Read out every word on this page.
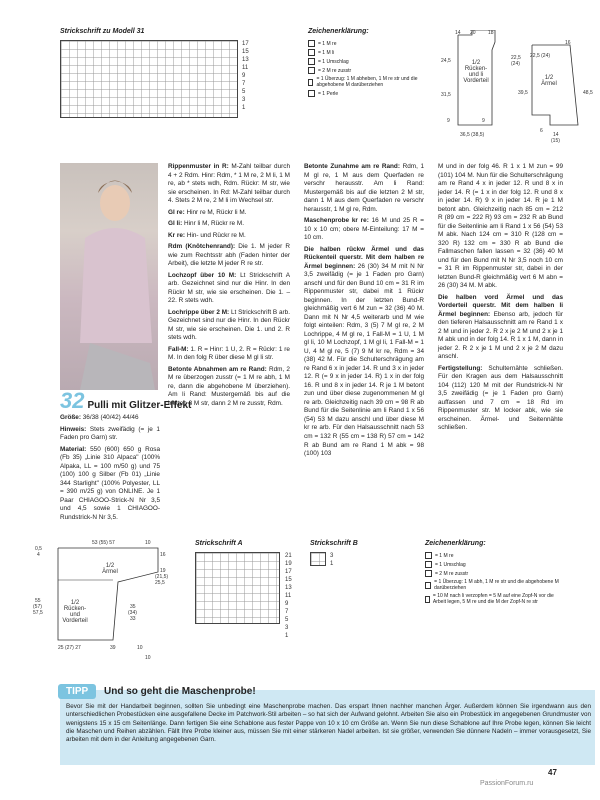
Strickschrift zu Modell 31
17
15
13
11
9
7
5
3
1
Zeichenerklärung:
= 1 M re
= 1 M li
= 1 Umschlag
= 2 M re zusstr
= 1 Überzug: 1 M abheben, 1 M re str und die abgehobene M darüberziehen
= 1 Perle
1/2 Rücken- und li Vorderteil	1/2 Ärmel
14 20 18
24,5	22,5
(24)
22,5 (24)
16
31,5	39,5	48,5
9	9
36,5 (38,5)
6
14
(15)
32 Pulli mit Glitzer-Effekt

Größe: 36/38 (40/42) 44/46

Hinweis: Stets zweifädig (= je 1 Faden pro Garn) str.

Material: 550 (600) 650 g Rosa (Fb 35) „Linie 310 Alpaca" (100% Alpaka, LL = 100 m/50 g) und 75 (100) 100 g Silber (Fb 01) „Linie 344 Starlight" (100% Polyester, LL = 390 m/25 g) von ONLINE. Je 1 Paar CHIAGOO-Strick-N Nr 3,5 und 4,5 sowie 1 CHIAGOO-Rundstrick-N Nr 3,5.

Rippenmuster in R: M-Zahl teilbar durch 4 + 2 Rdm. Hinr: Rdm, * 1 M re, 2 M li, 1 M re, ab * stets wdh, Rdm. Rückr: M str, wie sie erscheinen. In Rd: M-Zahl teilbar durch 4. Stets 2 M re, 2 M li im Wechsel str.

Gl re: Hinr re M, Rückr li M.

Gl li: Hinr li M, Rückr re M.

Kr re: Hin- und Rückr re M.

Rdm (Knötchenrand): Die 1. M jeder R wie zum Rechtsstr abh (Faden hinter der Arbeit), die letzte M jeder R re str.

Lochzopf über 10 M: Lt Strickschrift A arb. Gezeichnet sind nur die Hinr. In den Rückr M str, wie sie erscheinen. Die 1. – 22. R stets wdh.

Lochrippe über 2 M: Lt Strickschrift B arb. Gezeichnet sind nur die Hinr. In den Rückr M str, wie sie erscheinen. Die 1. und 2. R stets wdh.

Fall-M: 1. R = Hinr: 1 U, 2. R = Rückr: 1 re M. In den folg R über diese M gl li str.

Betonte Abnahmen am re Rand: Rdm, 2 M re überzogen zusstr (= 1 M re abh, 1 M re, dann die abgehobene M überziehen). Am li Rand: Mustergemäß bis auf die letzten 3 M str, dann 2 M re zusstr, Rdm.

Betonte Zunahme am re Rand: Rdm, 1 M gl re, 1 M aus dem Querfaden re verschr herausstr. Am li Rand: Mustergemäß bis auf die letzten 2 M str, dann 1 M aus dem Querfaden re verschr herausstr, 1 M gl re, Rdm.

Maschenprobe kr re: 16 M und 25 R = 10 x 10 cm; obere M-Einteilung: 17 M = 10 cm.

Die halben rückw Ärmel und das Rückenteil querstr. Mit dem halben re Ärmel beginnen: 26 (30) 34 M mit N Nr 3,5 zweifädig (= je 1 Faden pro Garn) anschl und für den Bund 10 cm = 31 R im Rippenmuster str, dabei mit 1 Rückr beginnen. In der letzten Bund-R gleichmäßig vert 6 M zun = 32 (36) 40 M. Dann mit N Nr 4,5 weiterarb und M wie folgt einteilen: Rdm, 3 (5) 7 M gl re, 2 M Lochrippe, 4 M gl re, 1 Fall-M = 1 U, 1 M gl li, 10 M Lochzopf, 1 M gl li, 1 Fall-M = 1 U, 4 M gl re, 5 (7) 9 M kr re, Rdm = 34 (38) 42 M. Für die Schulterschrägung am re Rand 6 x in jeder 14. R und 3 x in jeder 12. R (= 9 x in jeder 14. R) 1 x in der folg 16. R und 8 x in jeder 14. R je 1 M betont zun und über diese zugenommenen M gl re arb. Gleichzeitig nach 39 cm = 98 R ab Bund für die Seitenlinie am li Rand 1 x 56 (54) 53 M dazu anschl und über diese M kr re arb. Für den Halsausschnitt nach 53 cm = 132 R (55 cm = 138 R) 57 cm = 142 R ab Bund am re Rand 1 M abk = 98 (100) 103

M und in der folg 46. R 1 x 1 M zun = 99 (101) 104 M. Nun für die Schulterschrägung am re Rand 4 x in jeder 12. R und 8 x in jeder 14. R (= 1 x in der folg 12. R und 8 x in jeder 14. R) 9 x in jeder 14. R je 1 M betont abn. Gleichzeitig nach 85 cm = 212 R (89 cm = 222 R) 93 cm = 232 R ab Bund für die Seitenlinie am li Rand 1 x 56 (54) 53 M abk. Nach 124 cm = 310 R (128 cm = 320 R) 132 cm = 330 R ab Bund die Fallmaschen fallen lassen = 32 (36) 40 M und für den Bund mit N Nr 3,5 noch 10 cm = 31 R im Rippenmuster str, dabei in der letzten Bund-R gleichmäßig vert 6 M abn = 26 (30) 34 M. M abk.

Die halben vord Ärmel und das Vorderteil querstr. Mit dem halben li Ärmel beginnen: Ebenso arb, jedoch für den tieferen Halsausschnitt am re Rand 1 x 2 M und in jeder 2. R 2 x je 2 M und 2 x je 1 M abk und in der folg 14. R 1 x 1 M, dann in jeder 2. R 2 x je 1 M und 2 x je 2 M dazu anschl.

Fertigstellung: Schulternähte schließen. Für den Kragen aus dem Halsausschnitt 104 (112) 120 M mit der Rundstrick-N Nr 3,5 zweifädig (= je 1 Faden pro Garn) auffassen und 7 cm = 18 Rd im Rippenmuster str. M locker abk, wie sie erscheinen. Ärmel- und Seitennähte schließen.

1/2 Ärmel
1/2 Rücken- und Vorderteil
0,5
4
53 (55) 57	10
16
19
(21,5)
25,5
55
(57)
57,5
35
(34)
33
10
25 (27) 27	39	10
Strickschrift A
21
19
17
15
13
11
9
7
5
3
1
Strickschrift B
3
1
Zeichenerklärung:
= 1 M re
= 1 Umschlag
= 2 M re zusstr
= 1 Überzug: 1 M abh, 1 M re str und die abgehobene M darüberziehen
= 10 M nach li verzopfen = 5 M auf eine Zopf-N vor die Arbeit legen, 5 M re und die M der Zopf-N re str
TIPP	Und so geht die Maschenprobe!
Bevor Sie mit der Handarbeit beginnen, sollten Sie unbedingt eine Maschenprobe machen. Das erspart Ihnen nachher manchen Ärger. Außerdem können Sie irgendwann aus den unterschiedlichen Probestücken eine ausgefallene Decke im Patchwork-Stil arbeiten – so hat sich der Aufwand gelohnt. Arbeiten Sie also ein Probestück im angegebenen Grundmuster von wenigstens 15 x 15 cm Seitenlänge. Dann fertigen Sie eine Schablone aus fester Pappe von 10 x 10 cm Größe an. Wenn Sie nun diese Schablone auf Ihre Probe legen, können Sie leicht die Maschen und Reihen abzählen. Fällt Ihre Probe kleiner aus, müssen Sie mit einer stärkeren Nadel arbeiten. Ist sie größer, verwenden Sie dünnere Nadeln – immer vorausgesetzt, Sie arbeiten mit dem in der Anleitung angegebenen Garn.
47
PassionForum.ru
